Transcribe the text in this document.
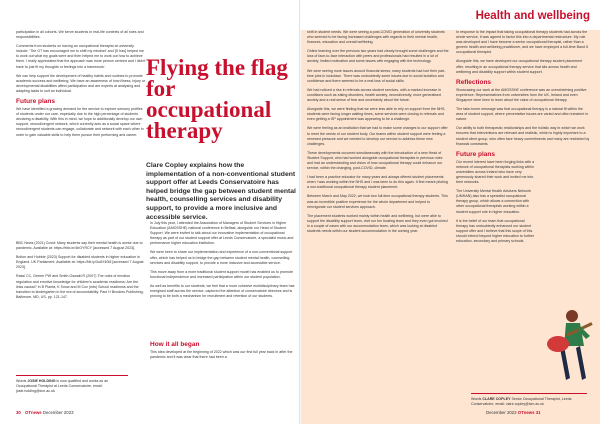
Health and wellbeing

participation in all cohorts. We serve students in real-life contexts of all roles and responsibilities.

Comments from students on having an occupational therapist at university include: 'The OT has encouraged me to shift my mindset' and '[It has] helped me to work out what my goals were and then helped me to work out how to achieve them. I really appreciated that the approach was more person centred and I didn't have to just fit my thoughts or feelings into a framework'.

We can help support the development of healthy habits and routines to promote academic success and wellbeing. We have an awareness of how illness, injury or developmental disabilities affect participation and are experts at analysing and adapting tasks to suit an individual.

Future plans

We have identified a growing demand for the service to explore sensory profiles of students under our care, especially due to the high percentage of students declaring a disability. With this in mind, we hope to additionally develop our own support, neurodivergent network, which currently acts as a social space where neurodivergent students can engage, collaborate and network with each other in order to gain valuable skills to help them pursue their performing arts career.

BBC News (2021) Covid: Many students say their mental health is worse due to pandemic. Available at: https://bbc.in/4bGYRCY [accessed 7 August 2023].

Bolton and Hubble (2023) Support for disabled students in higher education in England. UK Parliament. Available at: https://bit.ly/3uAY40M [accessed 7 August 2023].

Rassi CC, Gerner PW and Smith-Oswald R (2007) The roles of emotion regulation and emotive knowledge for children's academic readiness: Are the links causal? In B Planta, K Snow and M Cox (eds) School readiness and the transition to kindergarten in the era of accountability. Paul H Brookes Publishing, Baltimore, MD, US, pp. 121-147.

Words JOSIE HOLDING is now qualified and works as an Occupational Therapist at Leeds Conservatoire, email: josie.holding@lcm.ac.uk
30 OTnews December 2023
Flying the flag for occupational therapy
Clare Copley explains how the implementation of a non-conventional student support offer at Leeds Conservatoire has helped bridge the gap between student mental health, counselling services and disability support, to provide a more inclusive and accessible service.

In July this year, I attended the Association of Managers of Student Services in Higher Education (AMOSSHE) national conference in Belfast, alongside our Head of Student Support. We were invited to talk about our innovative implementation of occupational therapy as part of our student support offer at Leeds Conservatoire, a specialist music and performance higher education institution.

We were keen to share our implementation and experience of a non-conventional support offer, which has helped us to bridge the gap between student mental health, counselling services and disability support, to provide a more inclusive and accessible service.

This move away from a more traditional student support model has enabled us to promote functional independence and increased participation within our student population.

As well as benefits to our students, we feel that a more cohesive multidisciplinary team has energised staff across the service, captured the attention of conservatoire directors and is proving to be both a mechanism for recruitment and retention of our students.

How it all began

This idea developed at the beginning of 2022 which was our first full year back in after the pandemic and it was clear that there had been a

shift in student needs. We were seeing a post-COVID generation of university students who seemed to be facing increased challenges with regards to their mental health, finances, education and overall wellbeing.

Online learning over the previous two years had clearly brought some challenges and the loss of face-to-face interaction with peers and professionals had resulted in a lot of anxiety, limited motivation and some issues with engaging with the technology.

We were seeing more issues around financial stress; many students had lost their part-time jobs in lockdown. There was undoubtedly some issues due to social isolation and confidence and there seemed to be a real loss of social skills.

We had noticed a rise in referrals across student services, with a marked increase in conditions such as eating disorders, health anxiety, neurodiversity, more generalised anxiety and a real sense of fear and uncertainty about the future.

Alongside this, we were finding that we were less able to rely on support from the NHS, students were facing longer waiting times, some services were closing to referrals and even getting a GP appointment was appearing to be a challenge.

We were feeling as an institution that we had to make some changes to our support offer to meet the needs of our student body. Our teams within student support were feeling a renewed pressure and we needed to develop our service to address these new challenges.

These developments occurred simultaneously with the introduction of a new Head of Student Support, who had worked alongside occupational therapists in previous roles and had an understanding and vision of how occupational therapy could enhance our service, within the changing, post-COVID, climate.

I had been a practice educator for many years and always offered student placements when I was working within the NHS and I was keen to do this again. It first meant piloting a non-traditional occupational therapy student placement.

Between March and May 2022, we took two full-time occupational therapy students. This was an incredible positive experience for the whole department and helped to reinvigorate our student services approach.

The placement students worked mainly within health and wellbeing, but were able to support the disability support team, visit our fun boating team and they even got involved in a couple of cases with our accommodation team, which was looking at disabled students needs within our student accommodation in the coming year.

In response to the impact that taking occupational therapy students had across the whole service, it was agreed to factor this into a departmental restructure. My role was developed and I have become a senior occupational therapist, rather than a generic health and wellbeing practitioner, and we have employed a full-time Band 5 occupational therapist.

Alongside this, we have developed our occupational therapy student placement offer, resulting in an occupational therapy service that sits across health and wellbeing and disability support within student support.

Reflections

Showcasing our work at the AMOSSHE conference was an overwhelming positive experience. Representatives from universities from the UK, Ireland and even Singapore were keen to learn about the value of occupational therapy.

The take-home message was that occupational therapy is a natural fit within the area of student support, where preventative issues are varied and often transient in nature.

Our ability to both therapeutic relationships and the holistic way in which we work ensures that interventions are relevant and realistic, which is highly important to a student client group, who often face heavy commitments and many are restricted by financial constraints.

Future plans

Our recent interest have been forging links with a network of occupational therapists working within universities across Ireland who have very generously shared their work and invited me into their networks.

The University Mental Health Advisers Network (UMHAN) also has a specialist occupational therapy group, which allows a connection with other occupational therapists working within a student support role in higher education.

It is the belief of our team that occupational therapy has undoubtedly enhanced our student support offer and I believe that this scope of this should extend beyond higher education to further education, secondary and primary schools.

Words CLARE COPLEY Senior Occupational Therapist, Leeds Conservatoire, email: clare.copley@lcm.ac.uk
December 2023 OTnews 31
